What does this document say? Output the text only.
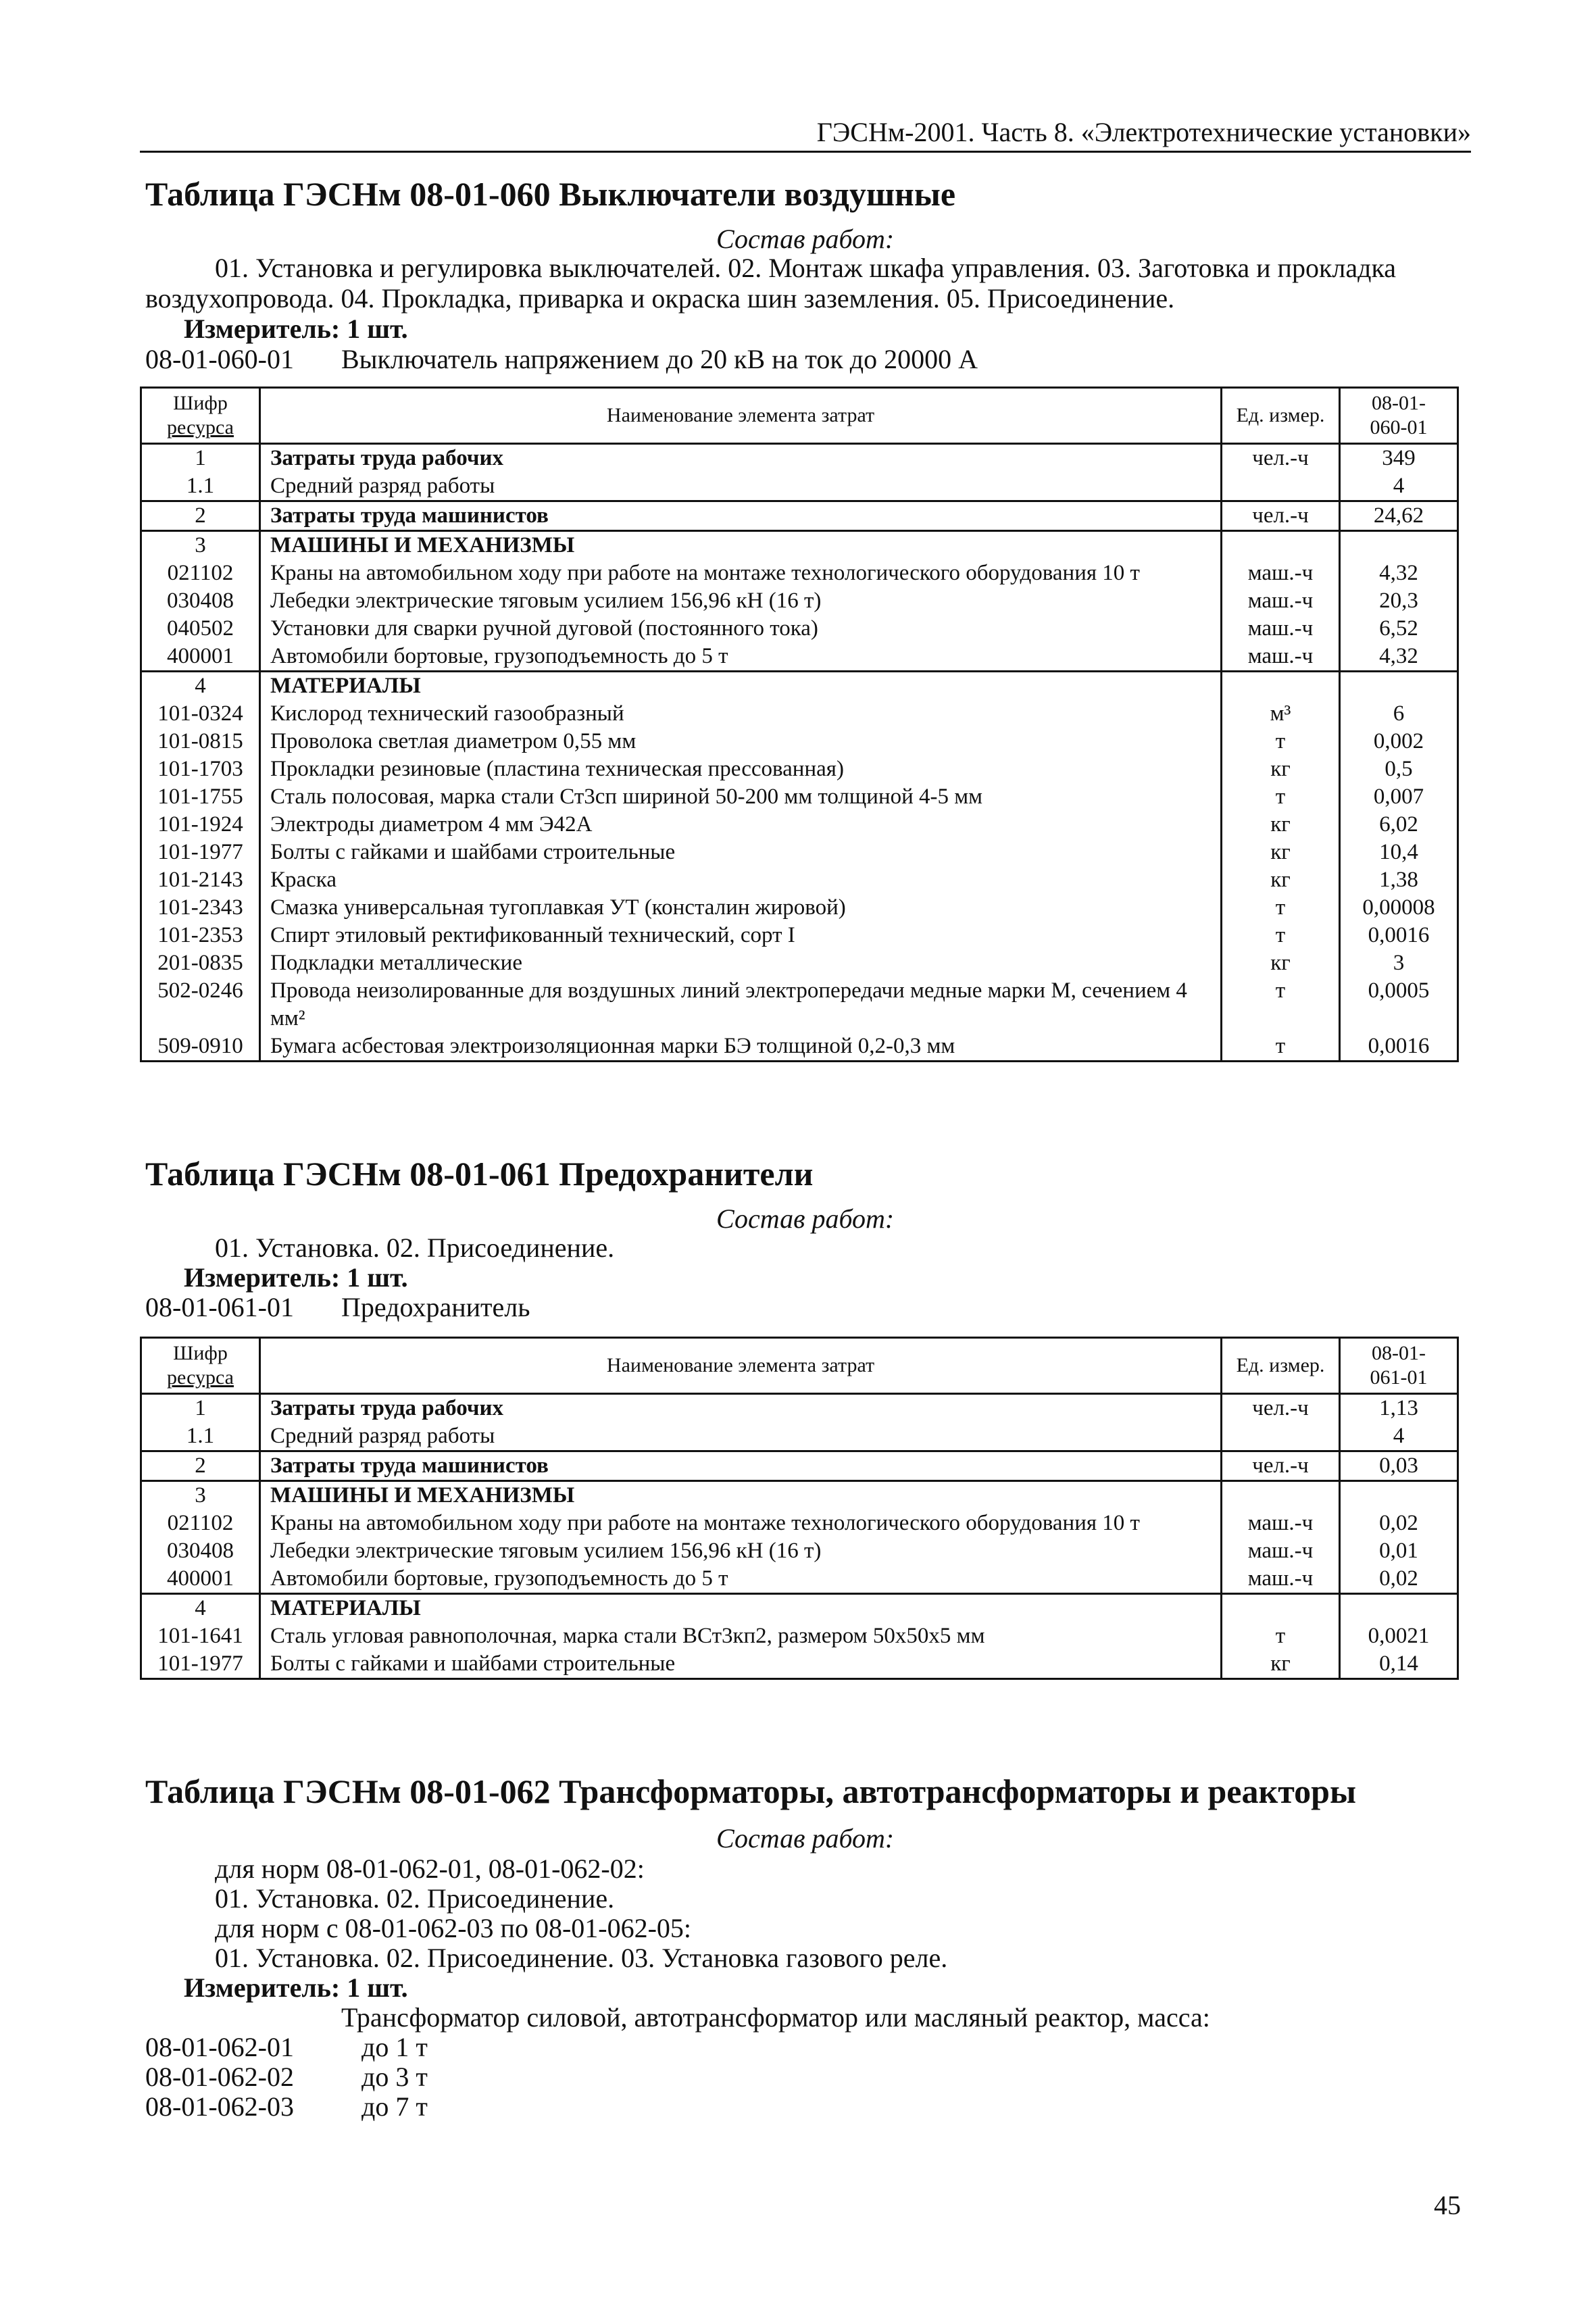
ГЭСНм-2001. Часть 8. «Электротехнические установки»
Таблица ГЭСНм 08-01-060 Выключатели воздушные
Состав работ:
01. Установка и регулировка выключателей. 02. Монтаж шкафа управления. 03. Заготовка и прокладка
воздухопровода. 04. Прокладка, приварка и окраска шин заземления. 05. Присоединение.
Измеритель: 1 шт.
08-01-060-01 Выключатель напряжением до 20 кВ на ток до 20000 А
Шифр
ресурса	Наименование элемента затрат	Ед. измер.	08-01-
060-01
1	Затраты труда рабочих	чел.-ч	349
1.1	Средний разряд работы		4
2	Затраты труда машинистов	чел.-ч	24,62
3	МАШИНЫ И МЕХАНИЗМЫ		
021102	Краны на автомобильном ходу при работе на монтаже технологического оборудования 10 т	маш.-ч	4,32
030408	Лебедки электрические тяговым усилием 156,96 кН (16 т)	маш.-ч	20,3
040502	Установки для сварки ручной дуговой (постоянного тока)	маш.-ч	6,52
400001	Автомобили бортовые, грузоподъемность до 5 т	маш.-ч	4,32
4	МАТЕРИАЛЫ		
101-0324	Кислород технический газообразный	м³	6
101-0815	Проволока светлая диаметром 0,55 мм	т	0,002
101-1703	Прокладки резиновые (пластина техническая прессованная)	кг	0,5
101-1755	Сталь полосовая, марка стали Ст3сп шириной 50-200 мм толщиной 4-5 мм	т	0,007
101-1924	Электроды диаметром 4 мм Э42А	кг	6,02
101-1977	Болты с гайками и шайбами строительные	кг	10,4
101-2143	Краска	кг	1,38
101-2343	Смазка универсальная тугоплавкая УТ (консталин жировой)	т	0,00008
101-2353	Спирт этиловый ректификованный технический, сорт I	т	0,0016
201-0835	Подкладки металлические	кг	3
502-0246	Провода неизолированные для воздушных линий электропередачи медные марки М, сечением 4 мм²	т	0,0005
509-0910	Бумага асбестовая электроизоляционная марки БЭ толщиной 0,2-0,3 мм	т	0,0016
Таблица ГЭСНм 08-01-061 Предохранители
Состав работ:
01. Установка. 02. Присоединение.
Измеритель: 1 шт.
08-01-061-01 Предохранитель
Шифр
ресурса	Наименование элемента затрат	Ед. измер.	08-01-
061-01
1	Затраты труда рабочих	чел.-ч	1,13
1.1	Средний разряд работы		4
2	Затраты труда машинистов	чел.-ч	0,03
3	МАШИНЫ И МЕХАНИЗМЫ		
021102	Краны на автомобильном ходу при работе на монтаже технологического оборудования 10 т	маш.-ч	0,02
030408	Лебедки электрические тяговым усилием 156,96 кН (16 т)	маш.-ч	0,01
400001	Автомобили бортовые, грузоподъемность до 5 т	маш.-ч	0,02
4	МАТЕРИАЛЫ		
101-1641	Сталь угловая равнополочная, марка стали ВСт3кп2, размером 50х50х5 мм	т	0,0021
101-1977	Болты с гайками и шайбами строительные	кг	0,14
Таблица ГЭСНм 08-01-062 Трансформаторы, автотрансформаторы и реакторы
Состав работ:
для норм 08-01-062-01, 08-01-062-02:
01. Установка. 02. Присоединение.
для норм с 08-01-062-03 по 08-01-062-05:
01. Установка. 02. Присоединение. 03. Установка газового реле.
Измеритель: 1 шт.
Трансформатор силовой, автотрансформатор или масляный реактор, масса:
08-01-062-01	до 1 т
08-01-062-02	до 3 т
08-01-062-03	до 7 т
45
